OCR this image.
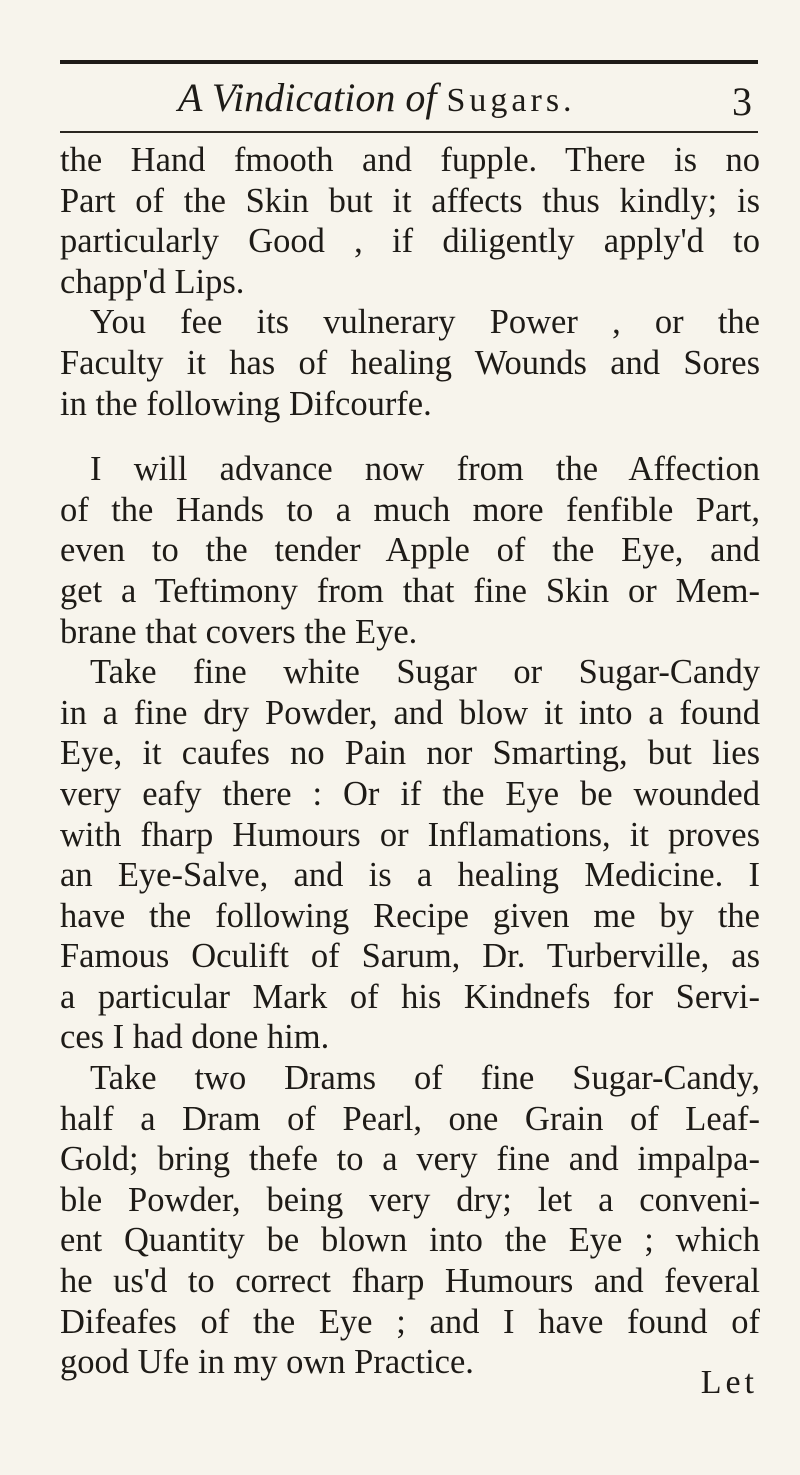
A Vindication of Sugars.	3
the Hand fmooth and fupple. There is no
Part of the Skin but it affects thus kindly; is
particularly Good , if diligently apply'd to
chapp'd Lips.
You fee its vulnerary Power , or the
Faculty it has of healing Wounds and Sores
in the following Difcourfe.
I will advance now from the Affection
of the Hands to a much more fenfible Part,
even to the tender Apple of the Eye, and
get a Teftimony from that fine Skin or Mem-
brane that covers the Eye.
Take fine white Sugar or Sugar-Candy
in a fine dry Powder, and blow it into a found
Eye, it caufes no Pain nor Smarting, but lies
very eafy there : Or if the Eye be wounded
with fharp Humours or Inflamations, it proves
an Eye-Salve, and is a healing Medicine. I
have the following Recipe given me by the
Famous Oculift of Sarum, Dr. Turberville, as
a particular Mark of his Kindnefs for Servi-
ces I had done him.
Take two Drams of fine Sugar-Candy,
half a Dram of Pearl, one Grain of Leaf-
Gold; bring thefe to a very fine and impalpa-
ble Powder, being very dry; let a conveni-
ent Quantity be blown into the Eye ; which
he us'd to correct fharp Humours and feveral
Difeafes of the Eye ; and I have found of
good Ufe in my own Practice.
Let
